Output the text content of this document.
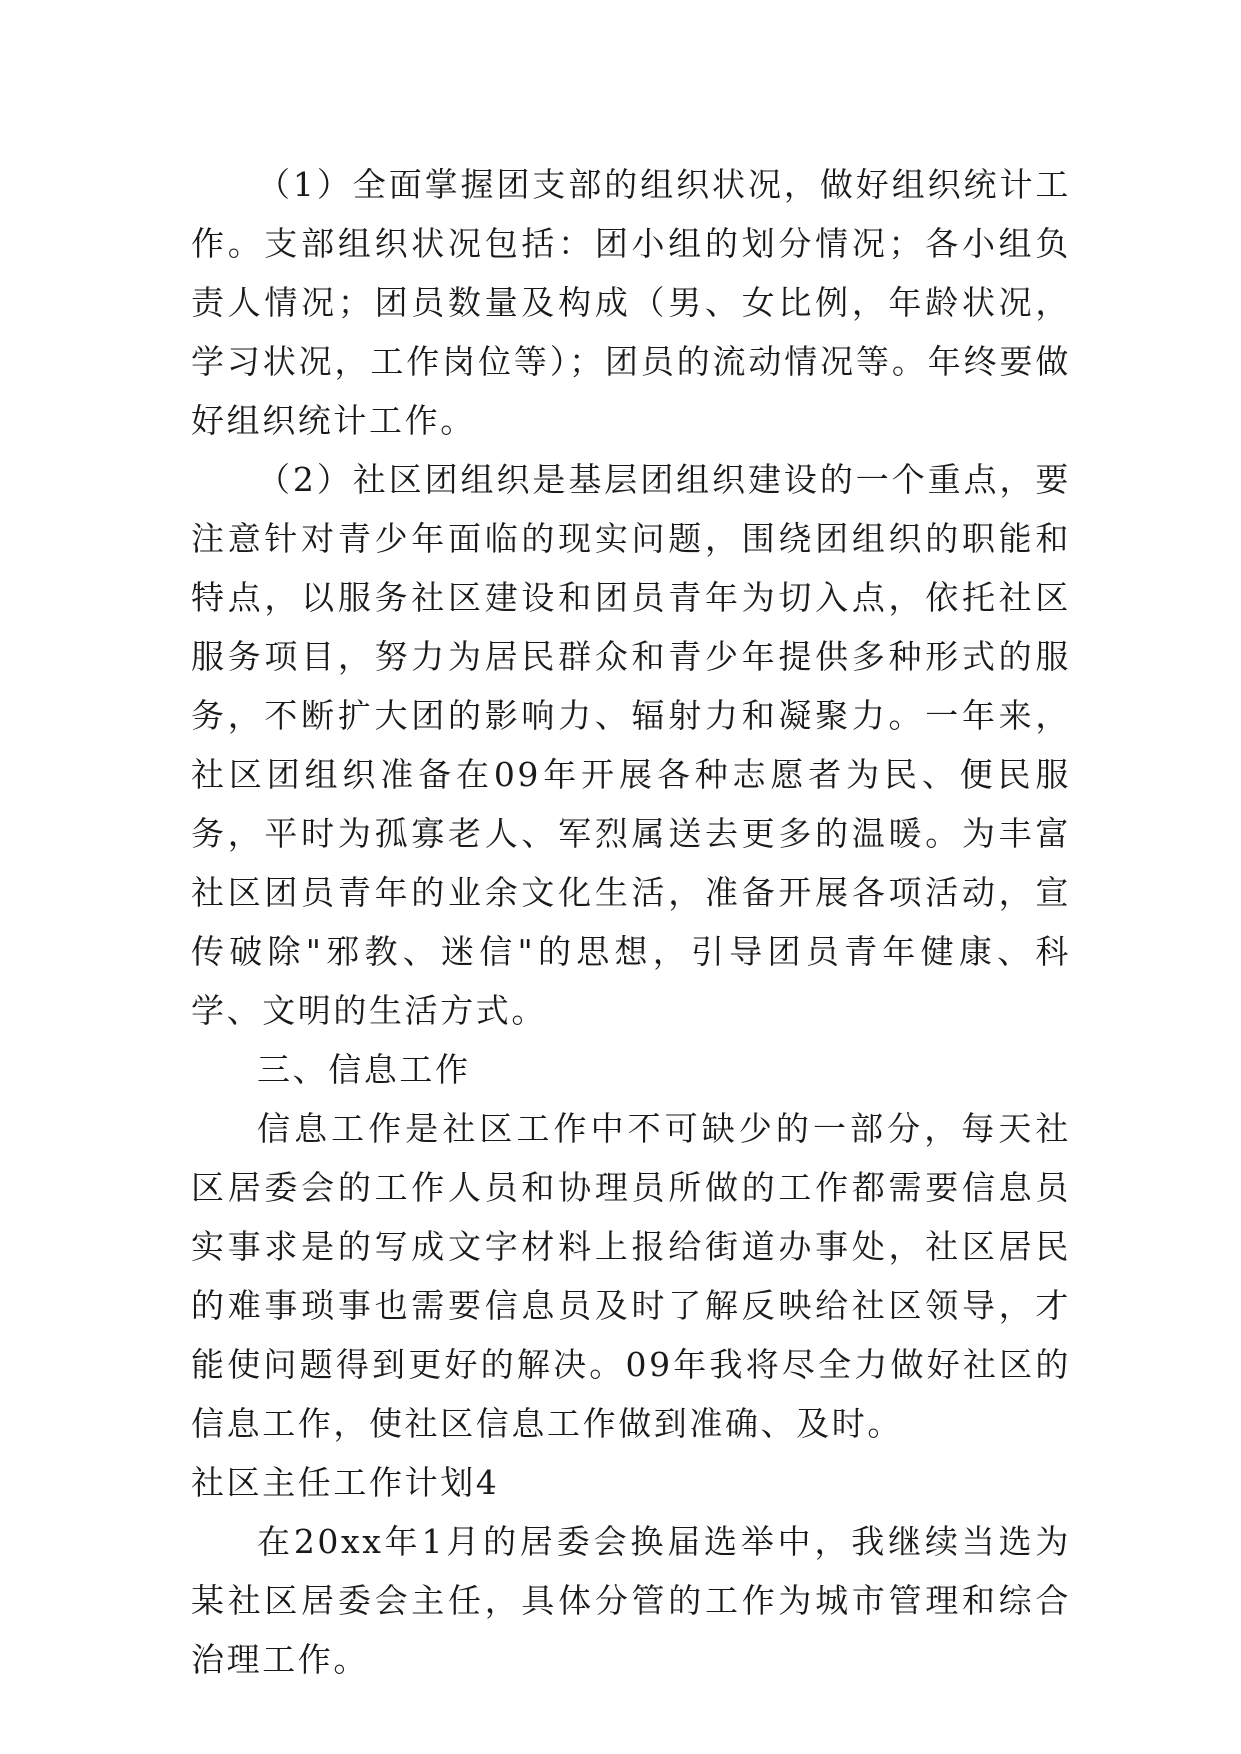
（1）全面掌握团支部的组织状况，做好组织统计工作。支部组织状况包括：团小组的划分情况；各小组负责人情况；团员数量及构成（男、女比例，年龄状况，学习状况，工作岗位等）；团员的流动情况等。年终要做好组织统计工作。

（2）社区团组织是基层团组织建设的一个重点，要注意针对青少年面临的现实问题，围绕团组织的职能和特点，以服务社区建设和团员青年为切入点，依托社区服务项目，努力为居民群众和青少年提供多种形式的服务，不断扩大团的影响力、辐射力和凝聚力。一年来，社区团组织准备在09年开展各种志愿者为民、便民服务，平时为孤寡老人、军烈属送去更多的温暖。为丰富社区团员青年的业余文化生活，准备开展各项活动，宣传破除"邪教、迷信"的思想，引导团员青年健康、科学、文明的生活方式。

三、信息工作

信息工作是社区工作中不可缺少的一部分，每天社区居委会的工作人员和协理员所做的工作都需要信息员实事求是的写成文字材料上报给街道办事处，社区居民的难事琐事也需要信息员及时了解反映给社区领导，才能使问题得到更好的解决。09年我将尽全力做好社区的信息工作，使社区信息工作做到准确、及时。

社区主任工作计划4

在20xx年1月的居委会换届选举中，我继续当选为某社区居委会主任，具体分管的工作为城市管理和综合治理工作。
